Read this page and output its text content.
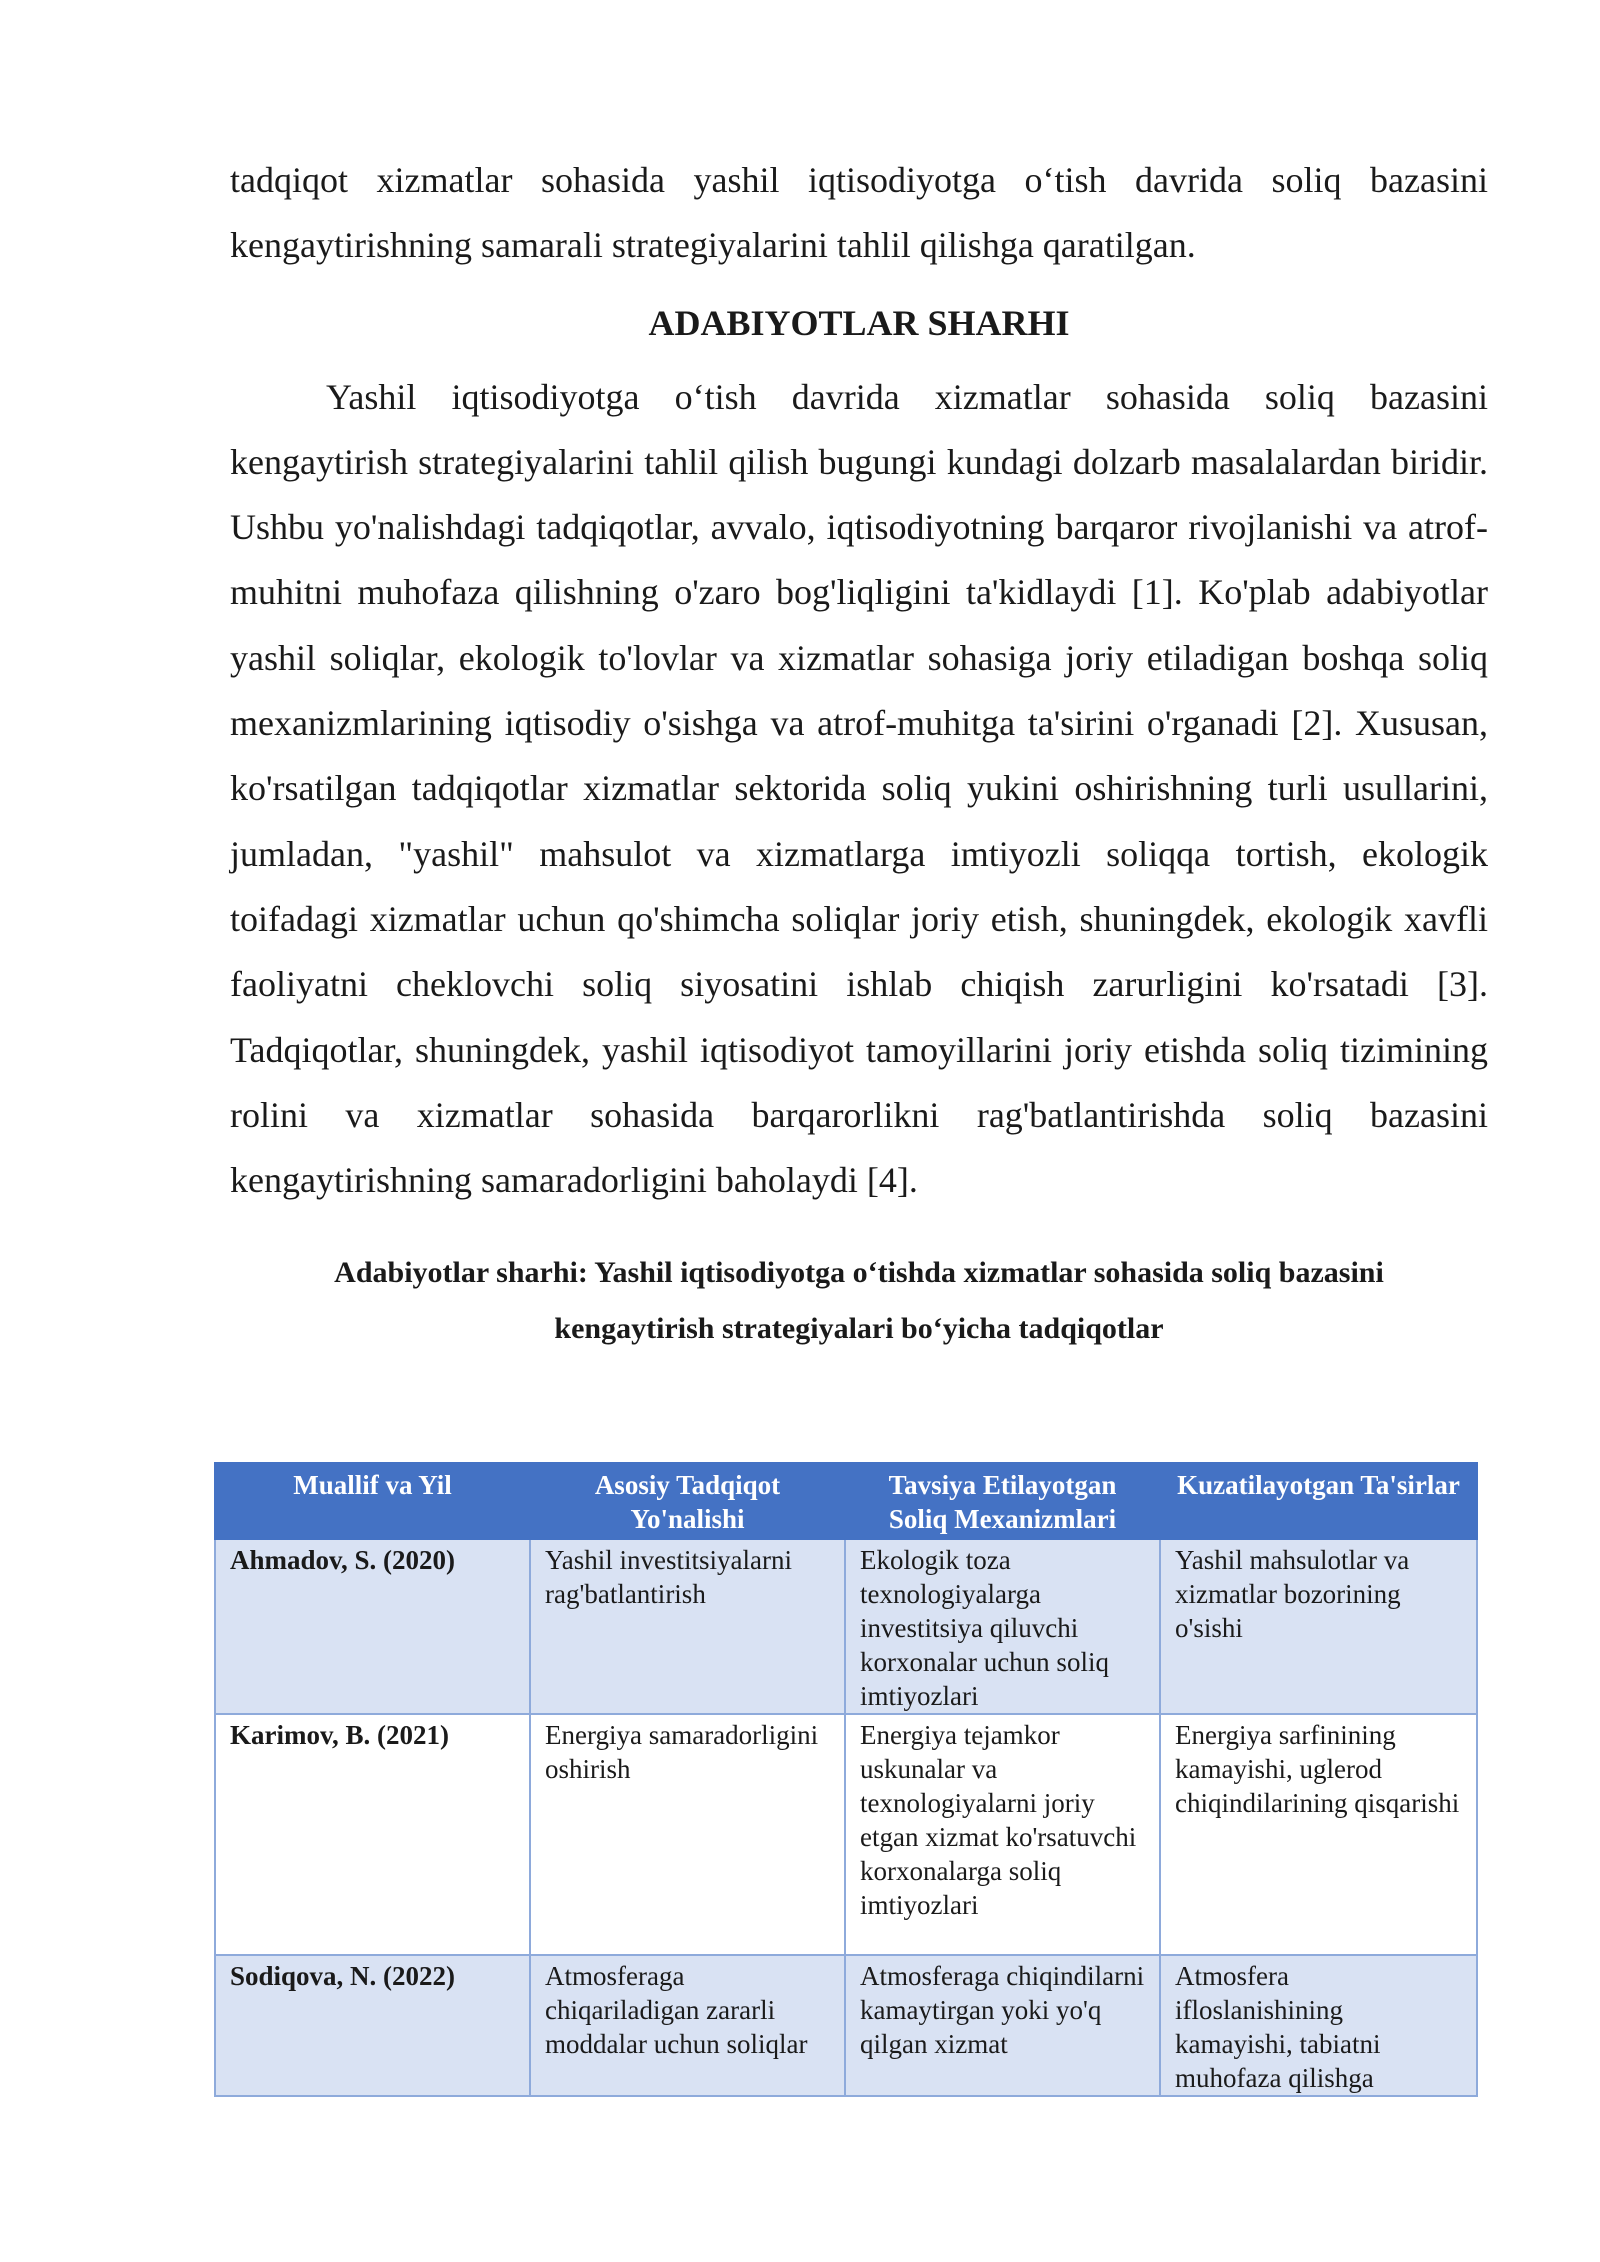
tadqiqot xizmatlar sohasida yashil iqtisodiyotga o‘tish davrida soliq bazasini kengaytirishning samarali strategiyalarini tahlil qilishga qaratilgan.

ADABIYOTLAR SHARHI

Yashil iqtisodiyotga o‘tish davrida xizmatlar sohasida soliq bazasini kengaytirish strategiyalarini tahlil qilish bugungi kundagi dolzarb masalalardan biridir. Ushbu yo'nalishdagi tadqiqotlar, avvalo, iqtisodiyotning barqaror rivojlanishi va atrof-muhitni muhofaza qilishning o'zaro bog'liqligini ta'kidlaydi [1]. Ko'plab adabiyotlar yashil soliqlar, ekologik to'lovlar va xizmatlar sohasiga joriy etiladigan boshqa soliq mexanizmlarining iqtisodiy o'sishga va atrof-muhitga ta'sirini o'rganadi [2]. Xususan, ko'rsatilgan tadqiqotlar xizmatlar sektorida soliq yukini oshirishning turli usullarini, jumladan, "yashil" mahsulot va xizmatlarga imtiyozli soliqqa tortish, ekologik toifadagi xizmatlar uchun qo'shimcha soliqlar joriy etish, shuningdek, ekologik xavfli faoliyatni cheklovchi soliq siyosatini ishlab chiqish zarurligini ko'rsatadi [3]. Tadqiqotlar, shuningdek, yashil iqtisodiyot tamoyillarini joriy etishda soliq tizimining rolini va xizmatlar sohasida barqarorlikni rag'batlantirishda soliq bazasini kengaytirishning samaradorligini baholaydi [4].

Adabiyotlar sharhi: Yashil iqtisodiyotga o‘tishda xizmatlar sohasida soliq bazasini

kengaytirish strategiyalari bo‘yicha tadqiqotlar

Muallif va Yil	Asosiy Tadqiqot Yo'nalishi	Tavsiya Etilayotgan Soliq Mexanizmlari	Kuzatilayotgan Ta'sirlar
Ahmadov, S. (2020)	Yashil investitsiyalarni rag'batlantirish	Ekologik toza texnologiyalarga investitsiya qiluvchi korxonalar uchun soliq imtiyozlari	Yashil mahsulotlar va xizmatlar bozorining o'sishi
Karimov, B. (2021)	Energiya samaradorligini oshirish	Energiya tejamkor uskunalar va texnologiyalarni joriy etgan xizmat ko'rsatuvchi korxonalarga soliq imtiyozlari	Energiya sarfinining kamayishi, uglerod chiqindilarining qisqarishi
Sodiqova, N. (2022)	Atmosferaga chiqariladigan zararli moddalar uchun soliqlar	Atmosferaga chiqindilarni kamaytirgan yoki yo'q qilgan xizmat	Atmosfera ifloslanishining kamayishi, tabiatni muhofaza qilishga
